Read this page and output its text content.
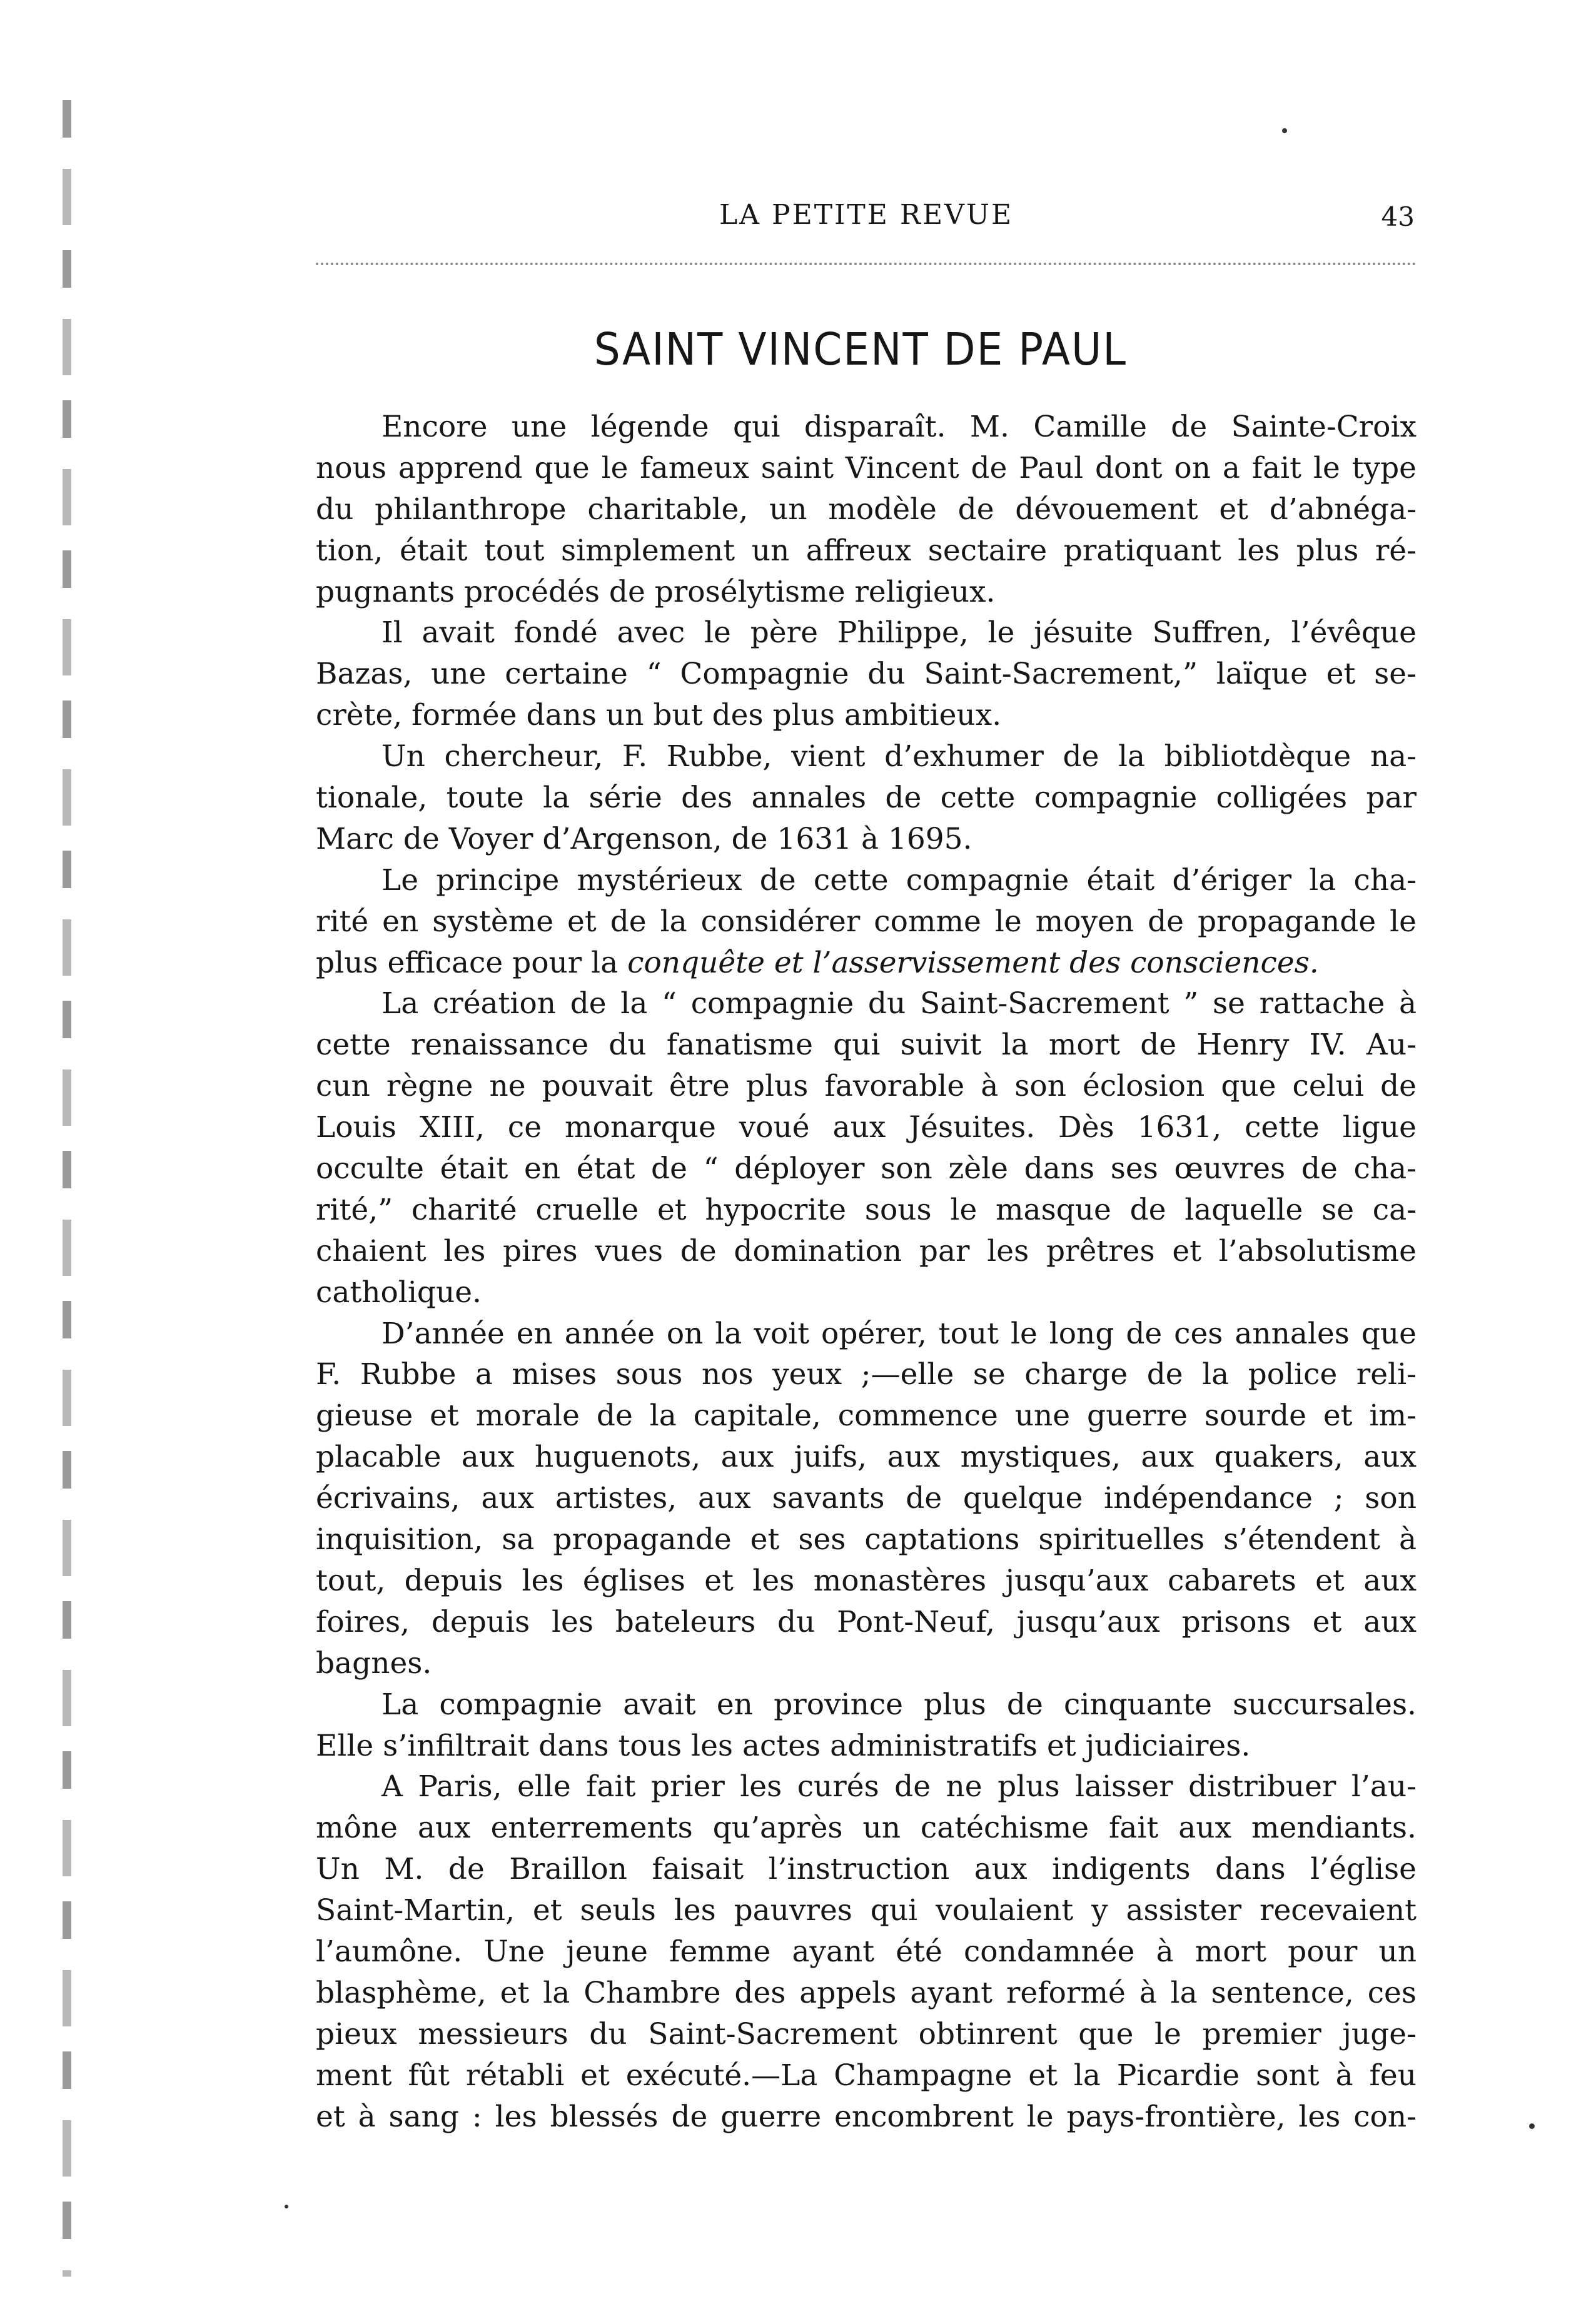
LA PETITE REVUE	43
SAINT VINCENT DE PAUL
Encore une légende qui disparaît. M. Camille de Sainte-Croix
nous apprend que le fameux saint Vincent de Paul dont on a fait le type
du philanthrope charitable, un modèle de dévouement et d’abnéga-
tion, était tout simplement un affreux sectaire pratiquant les plus ré-
pugnants procédés de prosélytisme religieux.
Il avait fondé avec le père Philippe, le jésuite Suffren, l’évêque
Bazas, une certaine “ Compagnie du Saint-Sacrement,” laïque et se-
crète, formée dans un but des plus ambitieux.
Un chercheur, F. Rubbe, vient d’exhumer de la bibliotdèque na-
tionale, toute la série des annales de cette compagnie colligées par
Marc de Voyer d’Argenson, de 1631 à 1695.
Le principe mystérieux de cette compagnie était d’ériger la cha-
rité en système et de la considérer comme le moyen de propagande le
plus efficace pour la conquête et l’asservissement des consciences.
La création de la “ compagnie du Saint-Sacrement ” se rattache à
cette renaissance du fanatisme qui suivit la mort de Henry IV. Au-
cun règne ne pouvait être plus favorable à son éclosion que celui de
Louis XIII, ce monarque voué aux Jésuites. Dès 1631, cette ligue
occulte était en état de “ déployer son zèle dans ses œuvres de cha-
rité,” charité cruelle et hypocrite sous le masque de laquelle se ca-
chaient les pires vues de domination par les prêtres et l’absolutisme
catholique.
D’année en année on la voit opérer, tout le long de ces annales que
F. Rubbe a mises sous nos yeux ;—elle se charge de la police reli-
gieuse et morale de la capitale, commence une guerre sourde et im-
placable aux huguenots, aux juifs, aux mystiques, aux quakers, aux
écrivains, aux artistes, aux savants de quelque indépendance ; son
inquisition, sa propagande et ses captations spirituelles s’étendent à
tout, depuis les églises et les monastères jusqu’aux cabarets et aux
foires, depuis les bateleurs du Pont-Neuf, jusqu’aux prisons et aux
bagnes.
La compagnie avait en province plus de cinquante succursales.
Elle s’infiltrait dans tous les actes administratifs et judiciaires.
A Paris, elle fait prier les curés de ne plus laisser distribuer l’au-
mône aux enterrements qu’après un catéchisme fait aux mendiants.
Un M. de Braillon faisait l’instruction aux indigents dans l’église
Saint-Martin, et seuls les pauvres qui voulaient y assister recevaient
l’aumône. Une jeune femme ayant été condamnée à mort pour un
blasphème, et la Chambre des appels ayant reformé à la sentence, ces
pieux messieurs du Saint-Sacrement obtinrent que le premier juge-
ment fût rétabli et exécuté.—La Champagne et la Picardie sont à feu
et à sang : les blessés de guerre encombrent le pays-frontière, les con-
